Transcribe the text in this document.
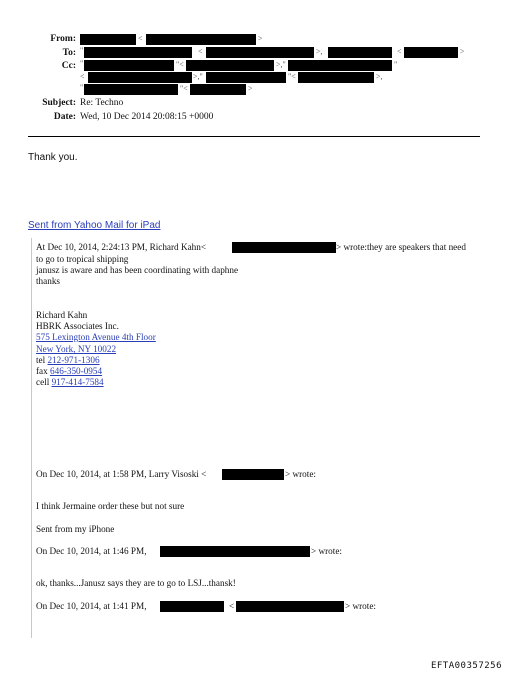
From:	<	>
To: "	<	>,	<	>
Cc: "	"<	>,"	"
<	>,"	"<	>,
"	"<	>
Subject: Re: Techno
Date: Wed, 10 Dec 2014 20:08:15 +0000
Thank you.
Sent from Yahoo Mail for iPad
At Dec 10, 2014, 2:24:13 PM, Richard Kahn<	> wrote:they are speakers that need
to go to tropical shipping
janusz is aware and has been coordinating with daphne
thanks
Richard Kahn
HBRK Associates Inc.
575 Lexington Avenue 4th Floor
New York, NY 10022
tel 212-971-1306
fax 646-350-0954
cell 917-414-7584
On Dec 10, 2014, at 1:58 PM, Larry Visoski <	> wrote:
I think Jermaine order these but not sure
Sent from my iPhone
On Dec 10, 2014, at 1:46 PM,	> wrote:
ok, thanks...Janusz says they are to go to LSJ...thansk!
On Dec 10, 2014, at 1:41 PM,	<	> wrote:
EFTA00357256
